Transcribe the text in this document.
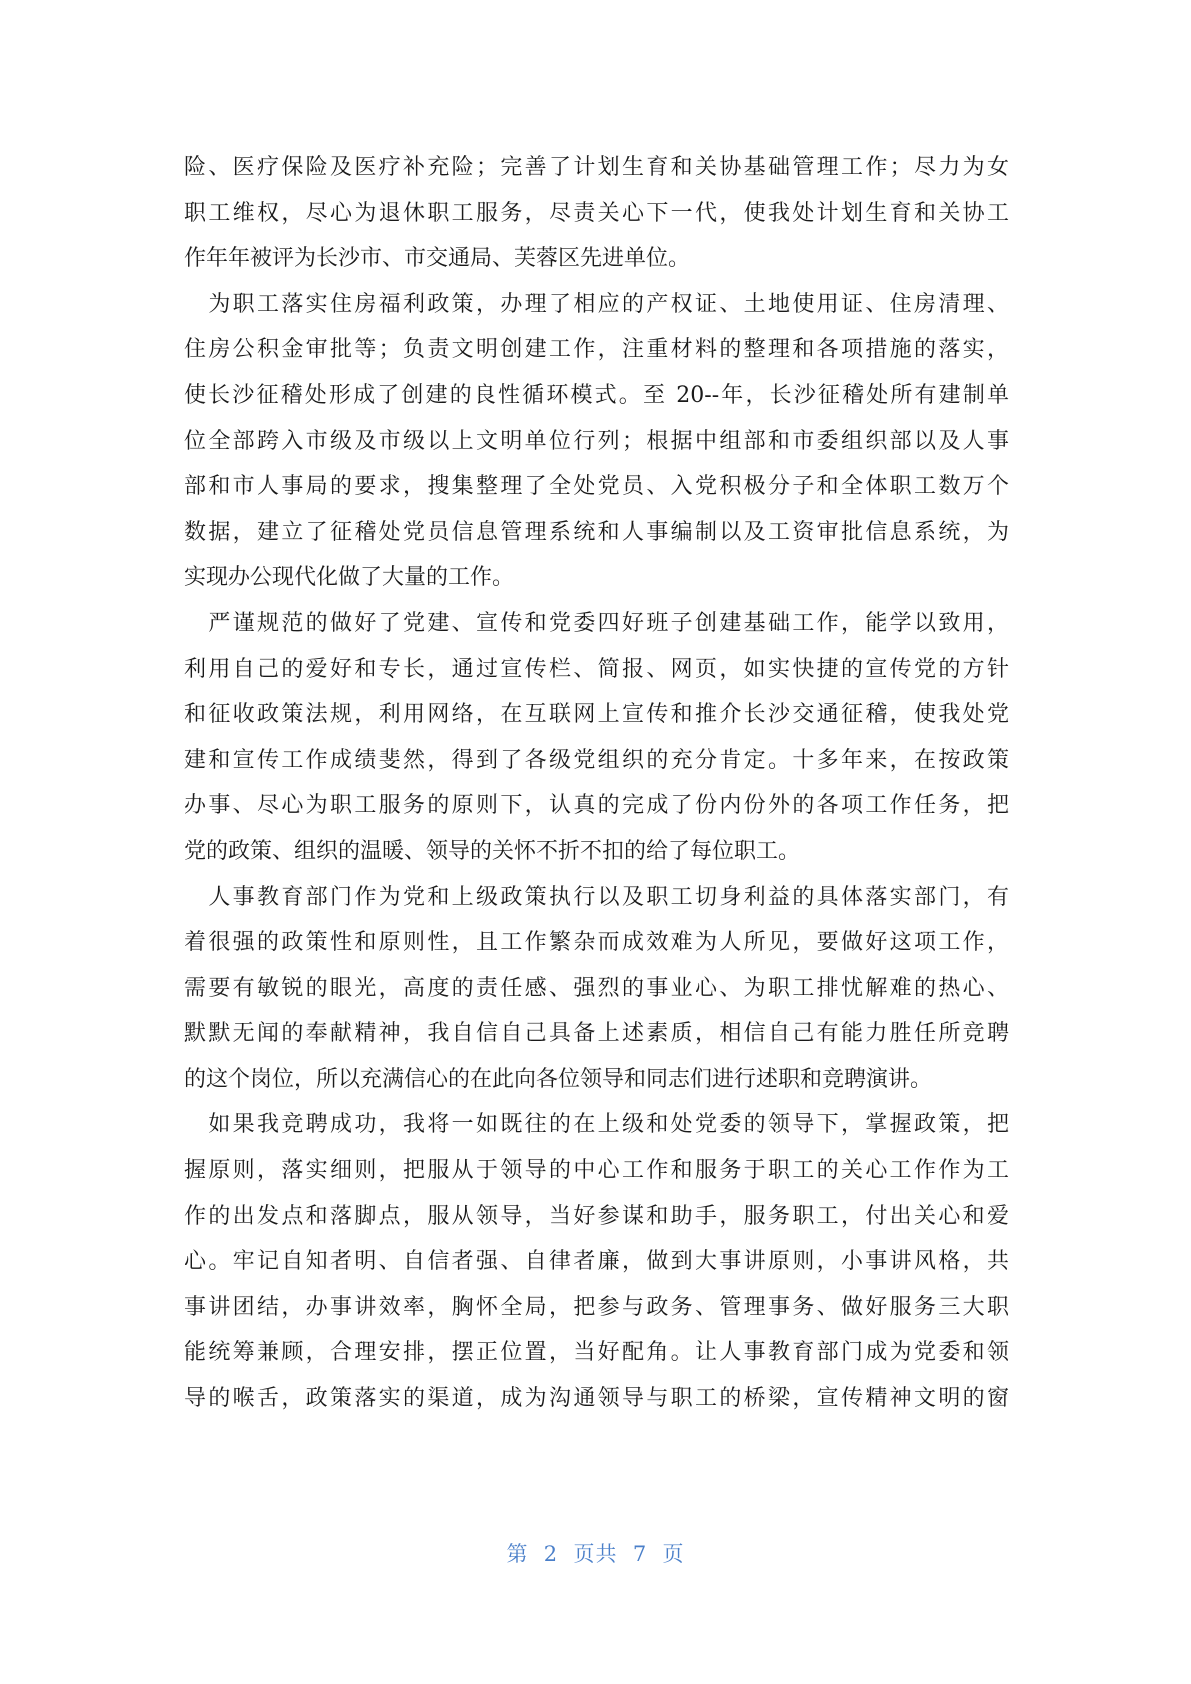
险、医疗保险及医疗补充险；完善了计划生育和关协基础管理工作；尽力为女
职工维权，尽心为退休职工服务，尽责关心下一代，使我处计划生育和关协工
作年年被评为长沙市、市交通局、芙蓉区先进单位。
　为职工落实住房福利政策，办理了相应的产权证、土地使用证、住房清理、
住房公积金审批等；负责文明创建工作，注重材料的整理和各项措施的落实，
使长沙征稽处形成了创建的良性循环模式。至 20--年，长沙征稽处所有建制单
位全部跨入市级及市级以上文明单位行列；根据中组部和市委组织部以及人事
部和市人事局的要求，搜集整理了全处党员、入党积极分子和全体职工数万个
数据，建立了征稽处党员信息管理系统和人事编制以及工资审批信息系统，为
实现办公现代化做了大量的工作。
　严谨规范的做好了党建、宣传和党委四好班子创建基础工作，能学以致用，
利用自己的爱好和专长，通过宣传栏、简报、网页，如实快捷的宣传党的方针
和征收政策法规，利用网络，在互联网上宣传和推介长沙交通征稽，使我处党
建和宣传工作成绩斐然，得到了各级党组织的充分肯定。十多年来，在按政策
办事、尽心为职工服务的原则下，认真的完成了份内份外的各项工作任务，把
党的政策、组织的温暖、领导的关怀不折不扣的给了每位职工。
　人事教育部门作为党和上级政策执行以及职工切身利益的具体落实部门，有
着很强的政策性和原则性，且工作繁杂而成效难为人所见，要做好这项工作，
需要有敏锐的眼光，高度的责任感、强烈的事业心、为职工排忧解难的热心、
默默无闻的奉献精神，我自信自己具备上述素质，相信自己有能力胜任所竞聘
的这个岗位，所以充满信心的在此向各位领导和同志们进行述职和竞聘演讲。
　如果我竞聘成功，我将一如既往的在上级和处党委的领导下，掌握政策，把
握原则，落实细则，把服从于领导的中心工作和服务于职工的关心工作作为工
作的出发点和落脚点，服从领导，当好参谋和助手，服务职工，付出关心和爱
心。牢记自知者明、自信者强、自律者廉，做到大事讲原则，小事讲风格，共
事讲团结，办事讲效率，胸怀全局，把参与政务、管理事务、做好服务三大职
能统筹兼顾，合理安排，摆正位置，当好配角。让人事教育部门成为党委和领
导的喉舌，政策落实的渠道，成为沟通领导与职工的桥梁，宣传精神文明的窗
第  2  页共  7  页
